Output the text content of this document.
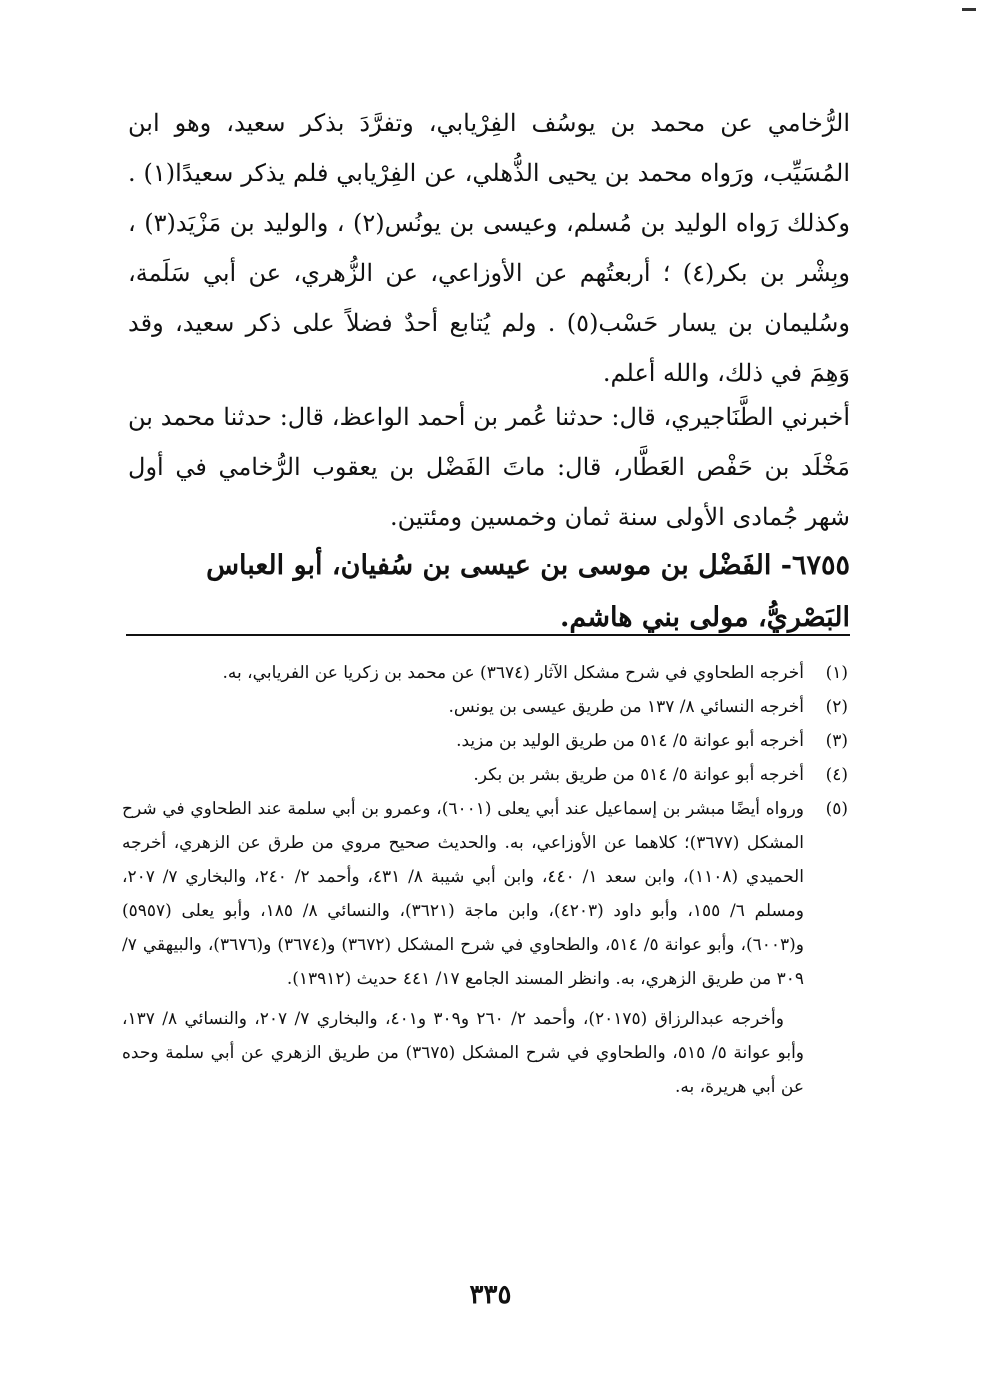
الرُّخامي عن محمد بن يوسُف الفِرْيابي، وتفرَّدَ بذكر سعيد، وهو ابن المُسَيِّب، ورَواه محمد بن يحيى الذُّهلي، عن الفِرْيابي فلم يذكر سعيدًا(١) . وكذلك رَواه الوليد بن مُسلم، وعيسى بن يونُس(٢) ، والوليد بن مَزْيَد(٣) ، وبِشْر بن بكر(٤) ؛ أربعتُهم عن الأوزاعي، عن الزُّهري، عن أبي سَلَمة، وسُليمان بن يسار حَسْب(٥) . ولم يُتابع أحدٌ فضلاً على ذكر سعيد، وقد وَهِمَ في ذلك، والله أعلم.

أخبرني الطَّنَاجيري، قال: حدثنا عُمر بن أحمد الواعظ، قال: حدثنا محمد بن مَخْلَد بن حَفْص العَطَّار، قال: ماتَ الفَضْل بن يعقوب الرُّخامي في أول شهر جُمادى الأولى سنة ثمان وخمسين ومئتين.

٦٧٥٥- الفَضْل بن موسى بن عيسى بن سُفيان، أبو العباس البَصْريُّ، مولى بني هاشم.
(١)
أخرجه الطحاوي في شرح مشكل الآثار (٣٦٧٤) عن محمد بن زكريا عن الفريابي، به.
(٢)
أخرجه النسائي ٨/ ١٣٧ من طريق عيسى بن يونس.
(٣)
أخرجه أبو عوانة ٥/ ٥١٤ من طريق الوليد بن مزيد.
(٤)
أخرجه أبو عوانة ٥/ ٥١٤ من طريق بشر بن بكر.
(٥)
ورواه أيضًا مبشر بن إسماعيل عند أبي يعلى (٦٠٠١)، وعمرو بن أبي سلمة عند الطحاوي في شرح المشكل (٣٦٧٧)؛ كلاهما عن الأوزاعي، به. والحديث صحيح مروي من طرق عن الزهري، أخرجه الحميدي (١١٠٨)، وابن سعد ١/ ٤٤٠، وابن أبي شيبة ٨/ ٤٣١، وأحمد ٢/ ٢٤٠، والبخاري ٧/ ٢٠٧، ومسلم ٦/ ١٥٥، وأبو داود (٤٢٠٣)، وابن ماجة (٣٦٢١)، والنسائي ٨/ ١٨٥، وأبو يعلى (٥٩٥٧) و(٦٠٠٣)، وأبو عوانة ٥/ ٥١٤، والطحاوي في شرح المشكل (٣٦٧٢) و(٣٦٧٤) و(٣٦٧٦)، والبيهقي ٧/ ٣٠٩ من طريق الزهري، به. وانظر المسند الجامع ١٧/ ٤٤١ حديث (١٣٩١٢).
وأخرجه عبدالرزاق (٢٠١٧٥)، وأحمد ٢/ ٢٦٠ و٣٠٩ و٤٠١، والبخاري ٧/ ٢٠٧، والنسائي ٨/ ١٣٧، وأبو عوانة ٥/ ٥١٥، والطحاوي في شرح المشكل (٣٦٧٥) من طريق الزهري عن أبي سلمة وحده عن أبي هريرة، به.
٣٣٥
